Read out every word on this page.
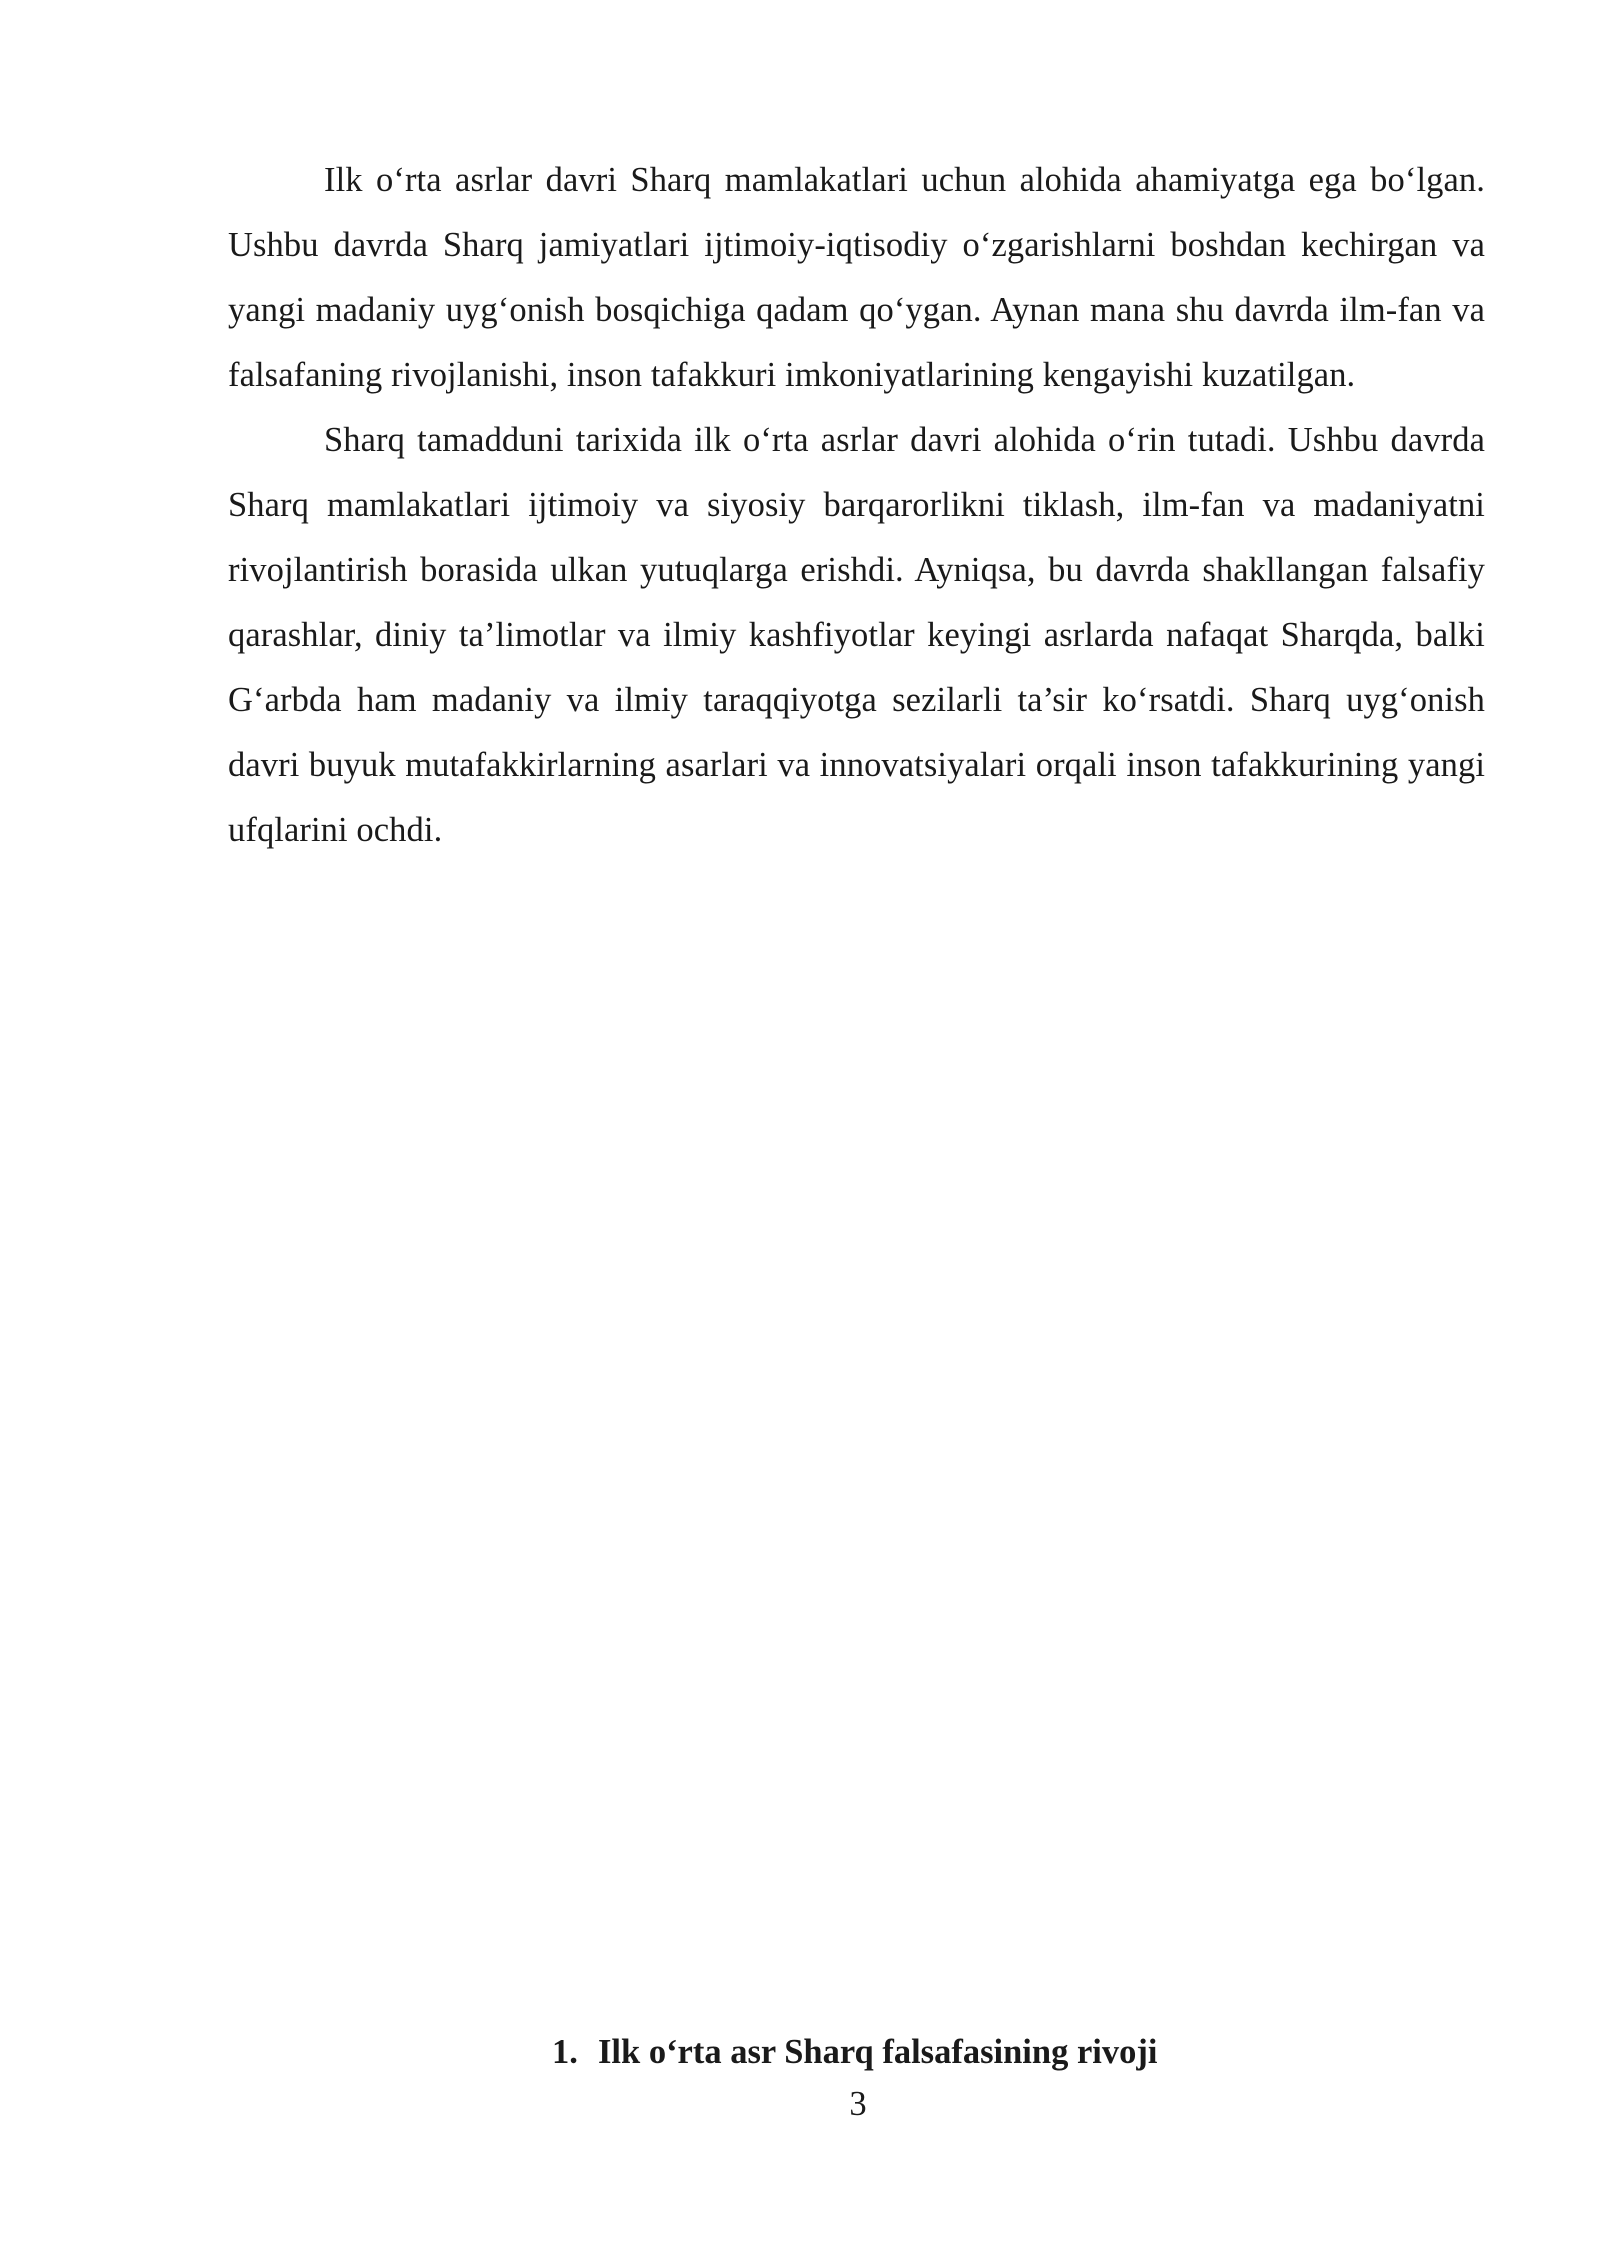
Ilk o‘rta asrlar davri Sharq mamlakatlari uchun alohida ahamiyatga ega bo‘lgan. Ushbu davrda Sharq jamiyatlari ijtimoiy-iqtisodiy o‘zgarishlarni boshdan kechirgan va yangi madaniy uyg‘onish bosqichiga qadam qo‘ygan. Aynan mana shu davrda ilm-fan va falsafaning rivojlanishi, inson tafakkuri imkoniyatlarining kengayishi kuzatilgan.

Sharq tamadduni tarixida ilk o‘rta asrlar davri alohida o‘rin tutadi. Ushbu davrda Sharq mamlakatlari ijtimoiy va siyosiy barqarorlikni tiklash, ilm-fan va madaniyatni rivojlantirish borasida ulkan yutuqlarga erishdi. Ayniqsa, bu davrda shakllangan falsafiy qarashlar, diniy ta’limotlar va ilmiy kashfiyotlar keyingi asrlarda nafaqat Sharqda, balki G‘arbda ham madaniy va ilmiy taraqqiyotga sezilarli ta’sir ko‘rsatdi. Sharq uyg‘onish davri buyuk mutafakkirlarning asarlari va innovatsiyalari orqali inson tafakkurining yangi ufqlarini ochdi.

1. Ilk o‘rta asr Sharq falsafasining rivoji
3
